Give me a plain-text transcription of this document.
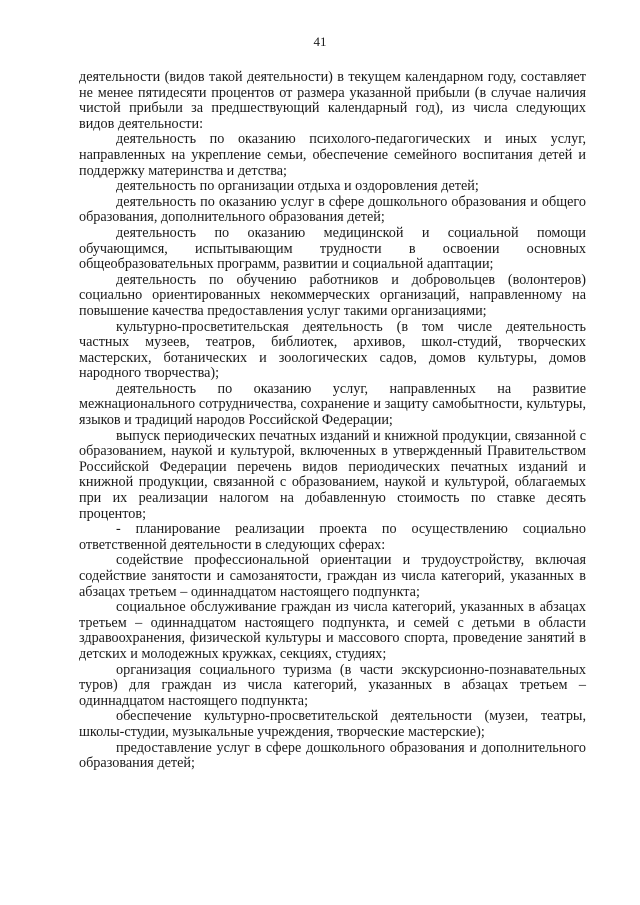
41

деятельности (видов такой деятельности) в текущем календарном году, составляет не менее пятидесяти процентов от размера указанной прибыли (в случае наличия чистой прибыли за предшествующий календарный год), из числа следующих видов деятельности:

деятельность по оказанию психолого-педагогических и иных услуг, направленных на укрепление семьи, обеспечение семейного воспитания детей и поддержку материнства и детства;

деятельность по организации отдыха и оздоровления детей;

деятельность по оказанию услуг в сфере дошкольного образования и общего образования, дополнительного образования детей;

деятельность по оказанию медицинской и социальной помощи обучающимся, испытывающим трудности в освоении основных общеобразовательных программ, развитии и социальной адаптации;

деятельность по обучению работников и добровольцев (волонтеров) социально ориентированных некоммерческих организаций, направленному на повышение качества предоставления услуг такими организациями;

культурно-просветительская деятельность (в том числе деятельность частных музеев, театров, библиотек, архивов, школ-студий, творческих мастерских, ботанических и зоологических садов, домов культуры, домов народного творчества);

деятельность по оказанию услуг, направленных на развитие межнационального сотрудничества, сохранение и защиту самобытности, культуры, языков и традиций народов Российской Федерации;

выпуск периодических печатных изданий и книжной продукции, связанной с образованием, наукой и культурой, включенных в утвержденный Правительством Российской Федерации перечень видов периодических печатных изданий и книжной продукции, связанной с образованием, наукой и культурой, облагаемых при их реализации налогом на добавленную стоимость по ставке десять процентов;

- планирование реализации проекта по осуществлению социально ответственной деятельности в следующих сферах:

содействие профессиональной ориентации и трудоустройству, включая содействие занятости и самозанятости, граждан из числа категорий, указанных в абзацах третьем – одиннадцатом настоящего подпункта;

социальное обслуживание граждан из числа категорий, указанных в абзацах третьем – одиннадцатом настоящего подпункта, и семей с детьми в области здравоохранения, физической культуры и массового спорта, проведение занятий в детских и молодежных кружках, секциях, студиях;

организация социального туризма (в части экскурсионно-познавательных туров) для граждан из числа категорий, указанных в абзацах третьем – одиннадцатом настоящего подпункта;

обеспечение культурно-просветительской деятельности (музеи, театры, школы-студии, музыкальные учреждения, творческие мастерские);

предоставление услуг в сфере дошкольного образования и дополнительного образования детей;
